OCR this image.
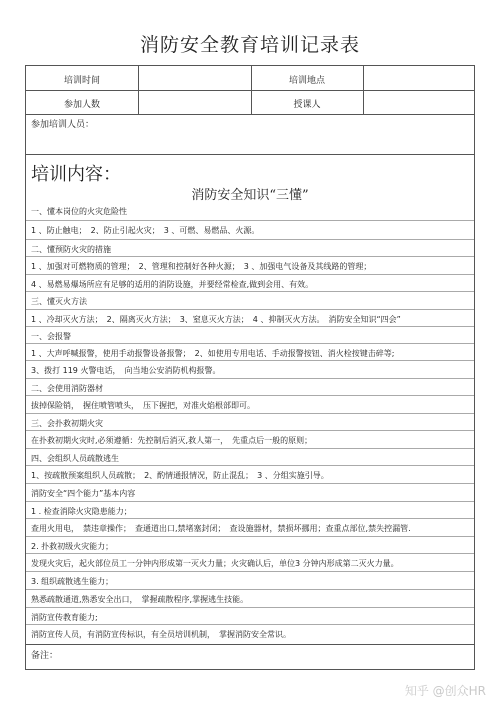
消防安全教育培训记录表
培训时间	培训地点
参加人数	授课人
参加培训人员：
培训内容：
消防安全知识“三懂”
一、懂本岗位的火灾危险性
1 、防止触电；　2、防止引起火灾；　3 、可燃、易燃品、火源。
二、懂预防火灾的措施
1 、加强对可燃物质的管理；　2、管理和控制好各种火源；　3 、加强电气设备及其线路的管理；
4 、易燃易爆场所应有足够的适用的消防设施，并要经常检查,做到会用、有效。
三、懂灭火方法
1 、冷却灭火方法；　2、隔离灭火方法；　3、窒息灭火方法；　4 、抑制灭火方法。　消防安全知识“四会”
一、会报警
1 、大声呼喊报警，使用手动报警设备报警；　2、如使用专用电话、手动报警按钮、消火栓按键击碎等;
3、拨打 119 火警电话，　向当地公安消防机构报警。
二、会使用消防器材
拔掉保险销，　握住喷管喷头，　压下握把，对准火焰根部即可。
三、会扑救初期火灾
在扑救初期火灾时,必须遵循：先控制后消灭,救人第一，　先重点后一般的原则；
四、会组织人员疏散逃生
1、按疏散预案组织人员疏散；　2、酌情通报情况，防止混乱；　3 、分组实施引导。
消防安全“四个能力”基本内容
1 . 检查消除火灾隐患能力；
查用火用电，　禁违章操作；　查通道出口,禁堵塞封闭；　查设施器材，禁损坏挪用；查重点部位,禁失控漏管.
2. 扑救初级火灾能力；
发现火灾后，起火部位员工一分钟内形成第一灭火力量；火灾确认后，单位3 分钟内形成第二灭火力量。
3. 组织疏散逃生能力；
熟悉疏散通道,熟悉安全出口，　掌握疏散程序,掌握逃生技能。
消防宣传教育能力;
消防宣传人员，有消防宣传标识，有全员培训机制，　掌握消防安全常识。
备注：
知乎 @创众HR
